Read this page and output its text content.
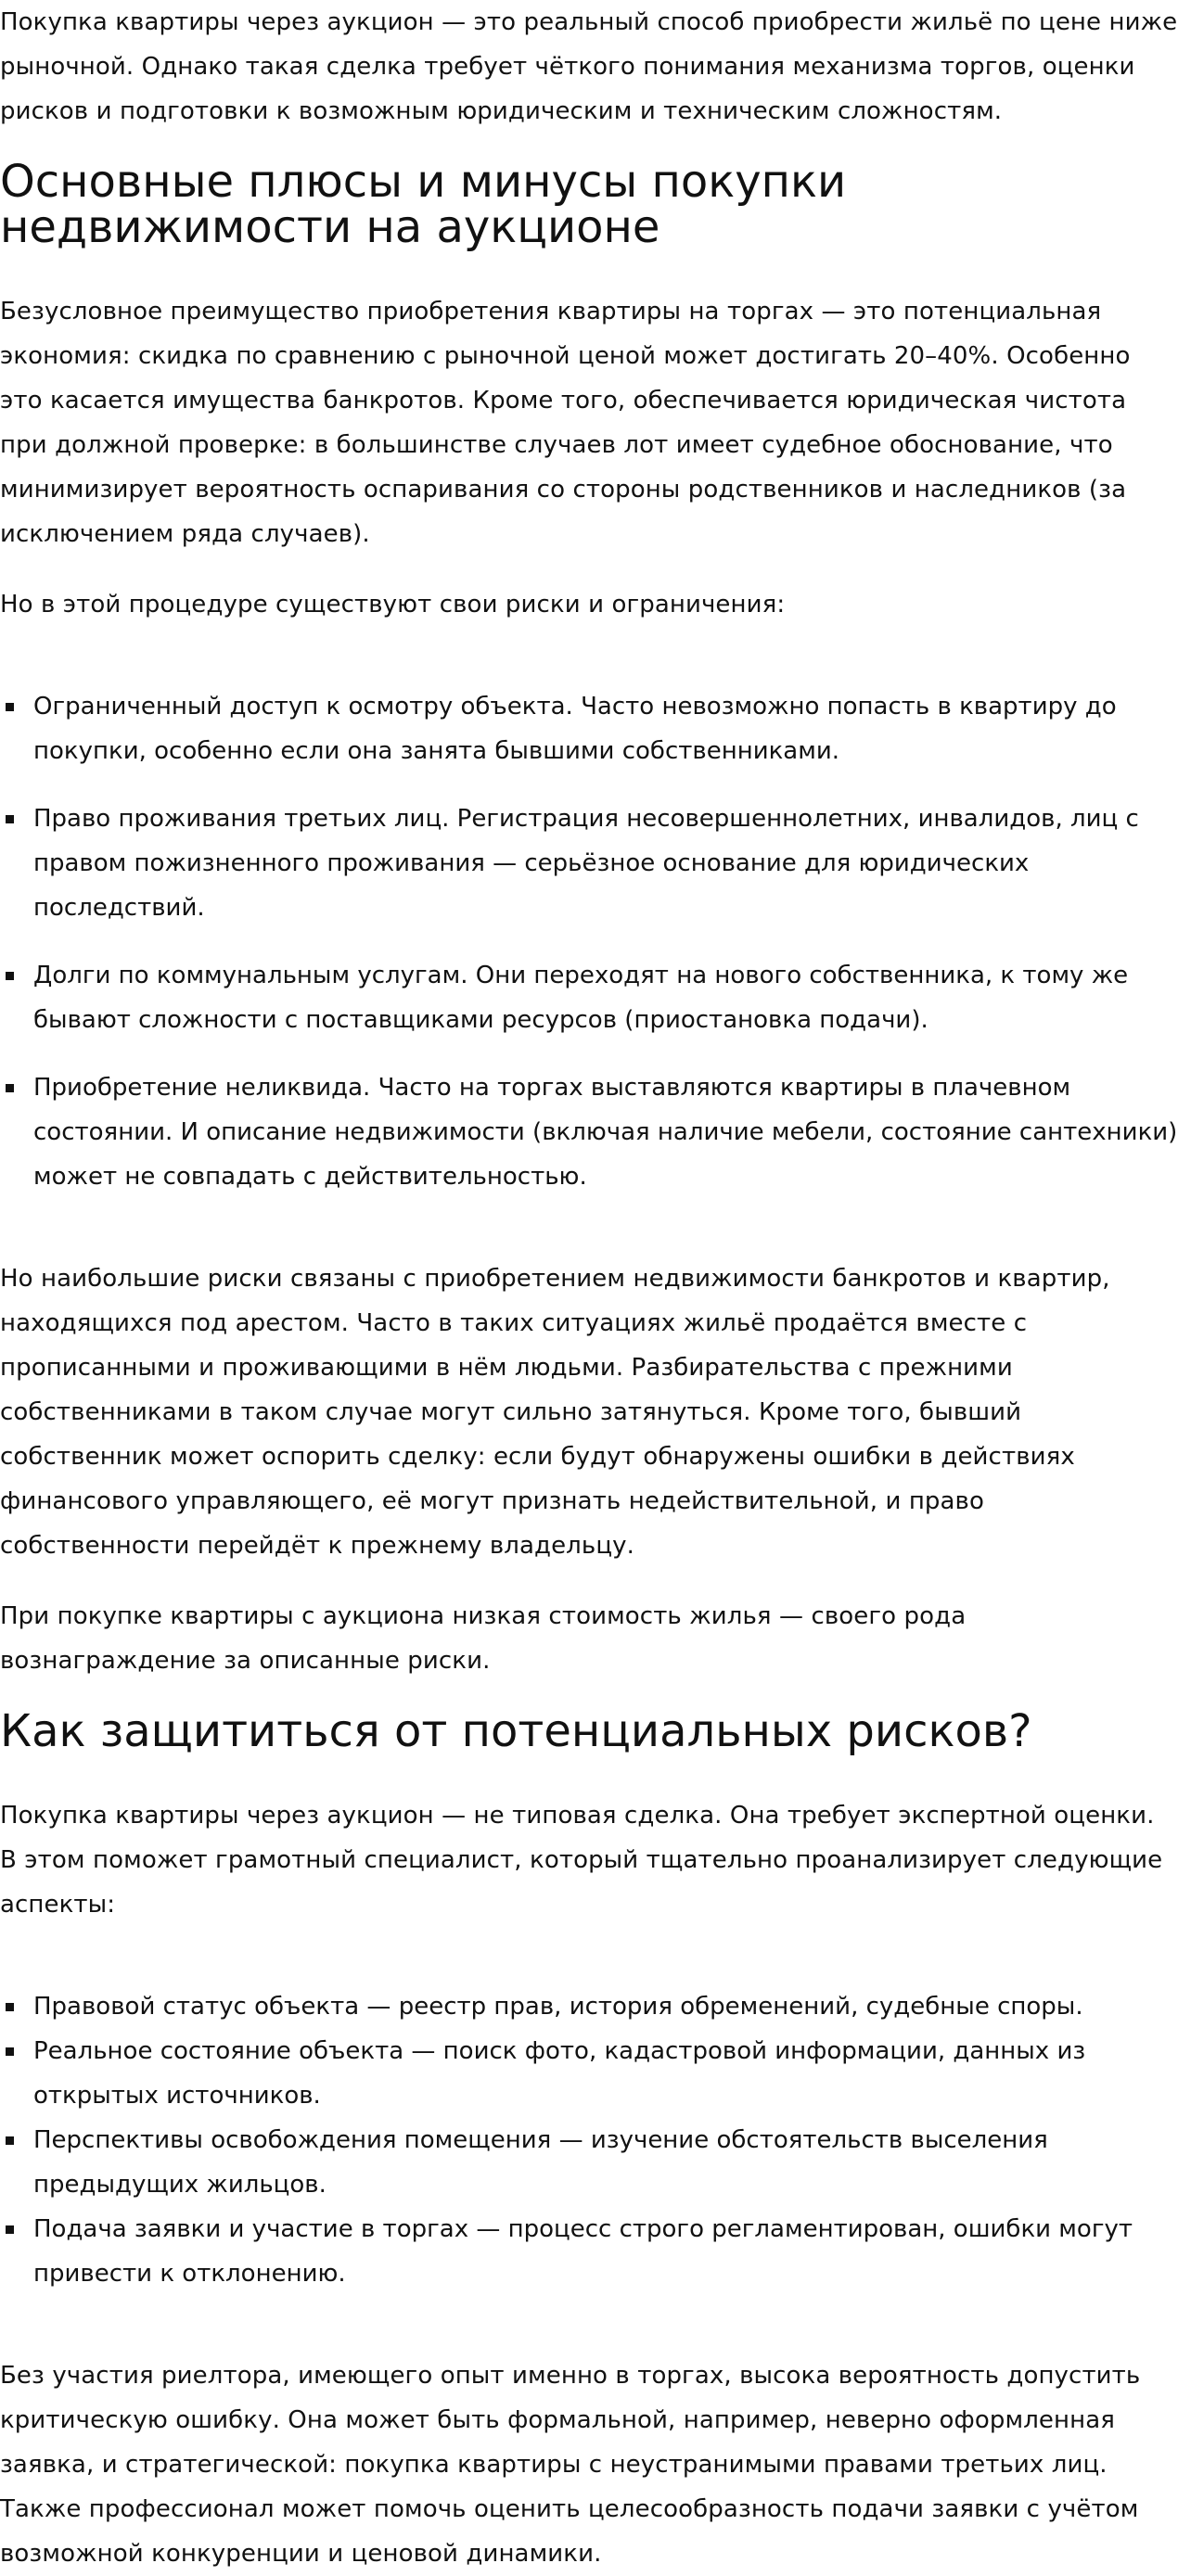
Покупка квартиры через аукцион — это реальный способ приобрести жильё по цене ниже рыночной. Однако такая сделка требует чёткого понимания механизма торгов, оценки рисков и подготовки к возможным юридическим и техническим сложностям.

Основные плюсы и минусы покупки недвижимости на аукционе

Безусловное преимущество приобретения квартиры на торгах — это потенциальная экономия: скидка по сравнению с рыночной ценой может достигать 20–40%. Особенно это касается имущества банкротов. Кроме того, обеспечивается юридическая чистота при должной проверке: в большинстве случаев лот имеет судебное обоснование, что минимизирует вероятность оспаривания со стороны родственников и наследников (за исключением ряда случаев).

Но в этой процедуре существуют свои риски и ограничения:

Ограниченный доступ к осмотру объекта. Часто невозможно попасть в квартиру до покупки, особенно если она занята бывшими собственниками.
Право проживания третьих лиц. Регистрация несовершеннолетних, инвалидов, лиц с правом пожизненного проживания — серьёзное основание для юридических последствий.
Долги по коммунальным услугам. Они переходят на нового собственника, к тому же бывают сложности с поставщиками ресурсов (приостановка подачи).
Приобретение неликвида. Часто на торгах выставляются квартиры в плачевном состоянии. И описание недвижимости (включая наличие мебели, состояние сантехники) может не совпадать с действительностью.

Но наибольшие риски связаны с приобретением недвижимости банкротов и квартир, находящихся под арестом. Часто в таких ситуациях жильё продаётся вместе с прописанными и проживающими в нём людьми. Разбирательства с прежними собственниками в таком случае могут сильно затянуться. Кроме того, бывший собственник может оспорить сделку: если будут обнаружены ошибки в действиях финансового управляющего, её могут признать недействительной, и право собственности перейдёт к прежнему владельцу.

При покупке квартиры с аукциона низкая стоимость жилья — своего рода вознаграждение за описанные риски.

Как защититься от потенциальных рисков?

Покупка квартиры через аукцион — не типовая сделка. Она требует экспертной оценки. В этом поможет грамотный специалист, который тщательно проанализирует следующие аспекты:

Правовой статус объекта — реестр прав, история обременений, судебные споры.
Реальное состояние объекта — поиск фото, кадастровой информации, данных из открытых источников.
Перспективы освобождения помещения — изучение обстоятельств выселения предыдущих жильцов.
Подача заявки и участие в торгах — процесс строго регламентирован, ошибки могут привести к отклонению.

Без участия риелтора, имеющего опыт именно в торгах, высока вероятность допустить критическую ошибку. Она может быть формальной, например, неверно оформленная заявка, и стратегической: покупка квартиры с неустранимыми правами третьих лиц. Также профессионал может помочь оценить целесообразность подачи заявки с учётом возможной конкуренции и ценовой динамики.
